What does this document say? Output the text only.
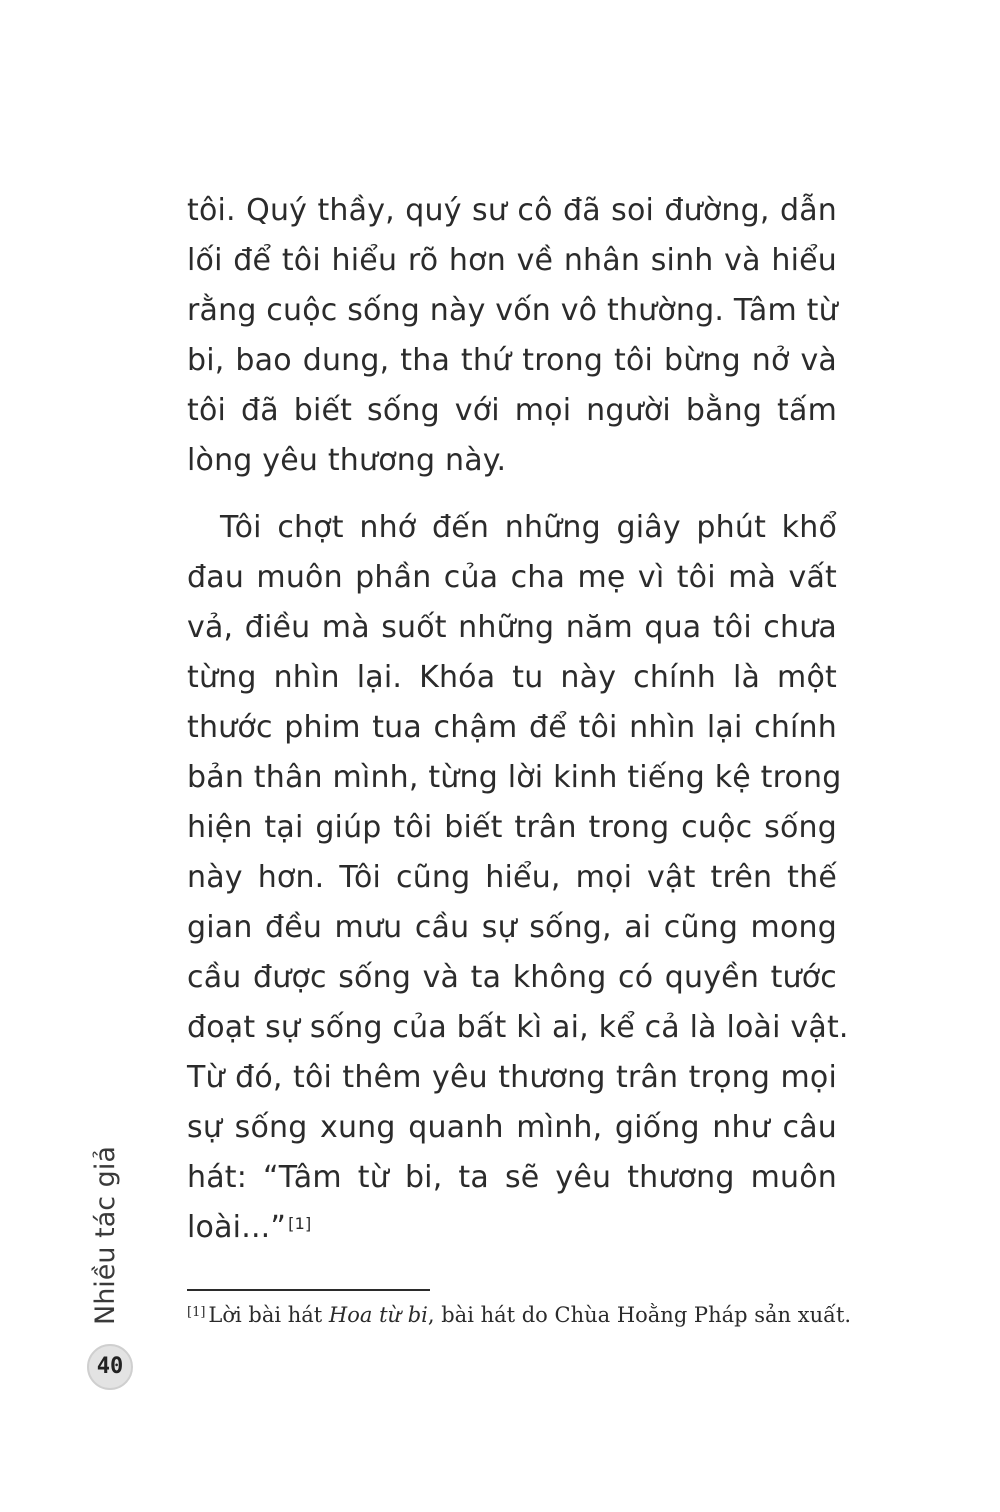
tôi. Quý thầy, quý sư cô đã soi đường, dẫn
lối để tôi hiểu rõ hơn về nhân sinh và hiểu
rằng cuộc sống này vốn vô thường. Tâm từ
bi, bao dung, tha thứ trong tôi bừng nở và
tôi đã biết sống với mọi người bằng tấm
lòng yêu thương này.
Tôi chợt nhớ đến những giây phút khổ
đau muôn phần của cha mẹ vì tôi mà vất
vả, điều mà suốt những năm qua tôi chưa
từng nhìn lại. Khóa tu này chính là một
thước phim tua chậm để tôi nhìn lại chính
bản thân mình, từng lời kinh tiếng kệ trong
hiện tại giúp tôi biết trân trong cuộc sống
này hơn. Tôi cũng hiểu, mọi vật trên thế
gian đều mưu cầu sự sống, ai cũng mong
cầu được sống và ta không có quyền tước
đoạt sự sống của bất kì ai, kể cả là loài vật.
Từ đó, tôi thêm yêu thương trân trọng mọi
sự sống xung quanh mình, giống như câu
hát: “Tâm từ bi, ta sẽ yêu thương muôn
loài...” [1]
[1] Lời bài hát Hoa từ bi, bài hát do Chùa Hoằng Pháp sản xuất.
Nhiều tác giả
40
